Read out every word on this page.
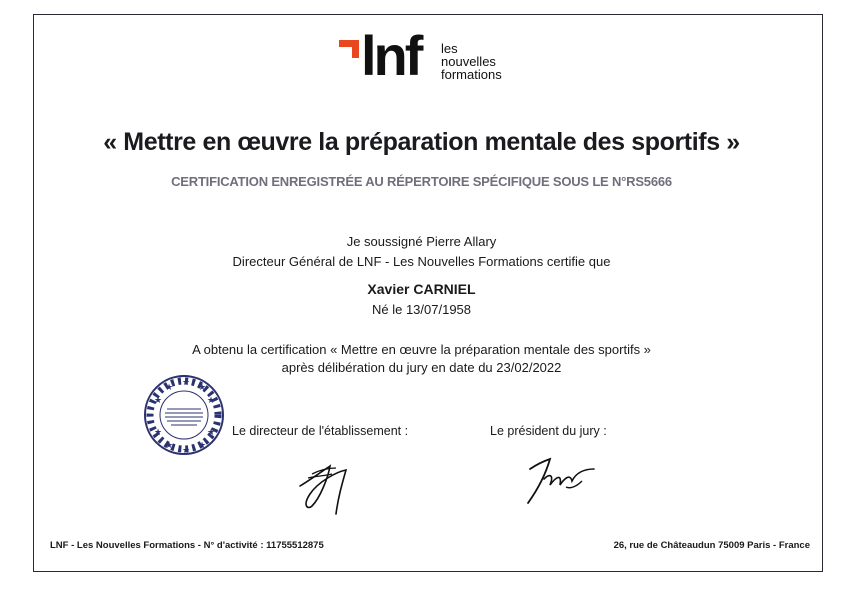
lnf les
nouvelles
formations
« Mettre en œuvre la préparation mentale des sportifs »
CERTIFICATION ENREGISTRÉE AU RÉPERTOIRE SPÉCIFIQUE SOUS LE N°RS5666
Je soussigné Pierre Allary
Directeur Général de LNF - Les Nouvelles Formations certifie que
Xavier CARNIEL
Né le 13/07/1958
A obtenu la certification « Mettre en œuvre la préparation mentale des sportifs »
après délibération du jury en date du 23/02/2022
★ ★
★
★
★
★
★
★
★ ★
Le directeur de l'établissement :	Le président du jury :
LNF - Les Nouvelles Formations - N° d'activité : 11755512875	26, rue de Châteaudun 75009 Paris - France
